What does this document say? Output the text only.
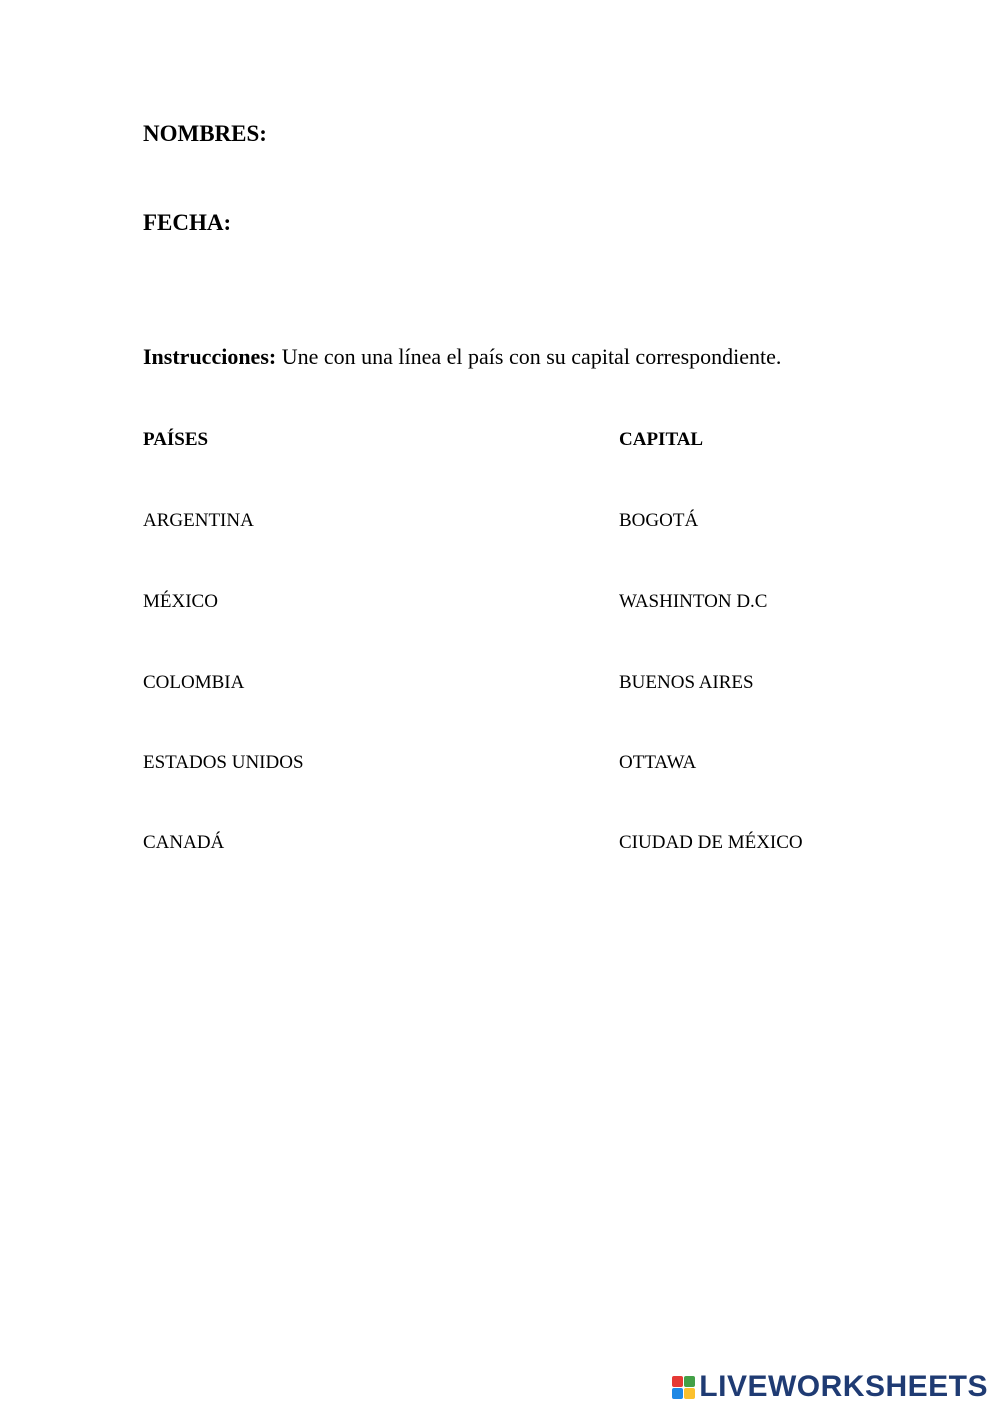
NOMBRES:

FECHA:

Instrucciones: Une con una línea el país con su capital correspondiente.

PAÍSES	CAPITAL

ARGENTINA

MÉXICO

COLOMBIA

ESTADOS UNIDOS

CANADÁ

BOGOTÁ

WASHINTON D.C

BUENOS AIRES

OTTAWA

CIUDAD DE MÉXICO

LIVEWORKSHEETS
